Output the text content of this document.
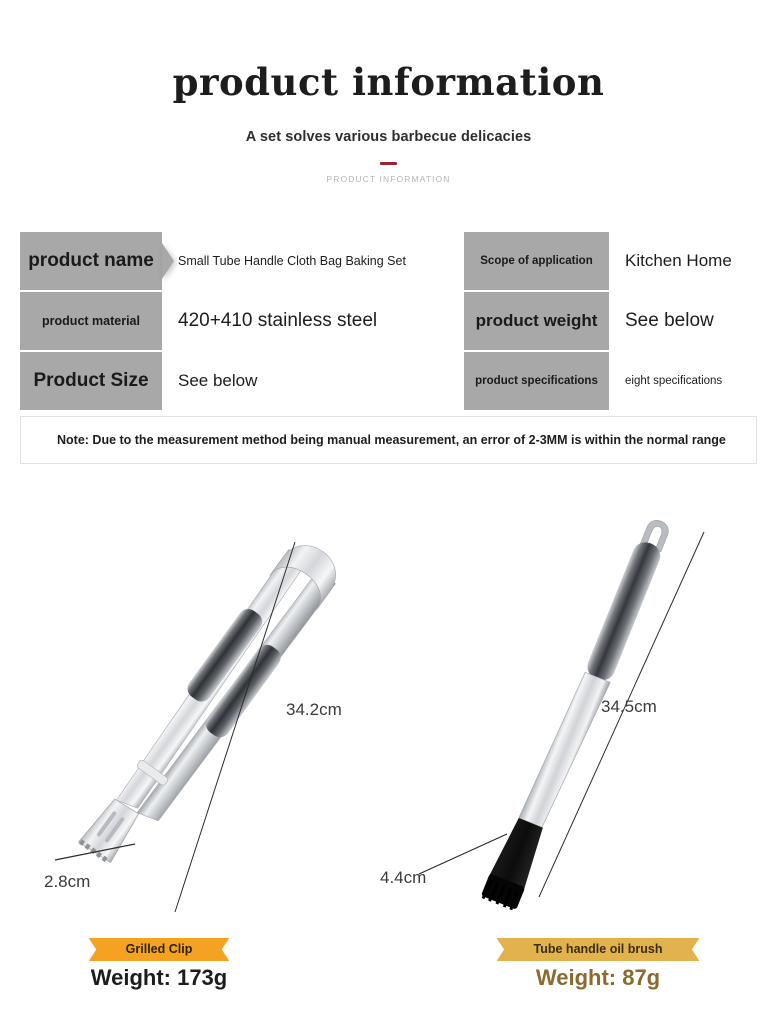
product information
A set solves various barbecue delicacies
PRODUCT INFORMATION
product name	Small Tube Handle Cloth Bag Baking Set	Scope of application	Kitchen Home
product material	420+410 stainless steel	product weight	See below
Product Size	See below	product specifications	eight specifications
Note: Due to the measurement method being manual measurement, an error of 2-3MM is within the normal range
34.2cm
2.8cm
34.5cm
4.4cm
Grilled Clip
Weight: 173g
Tube handle oil brush
Weight: 87g
